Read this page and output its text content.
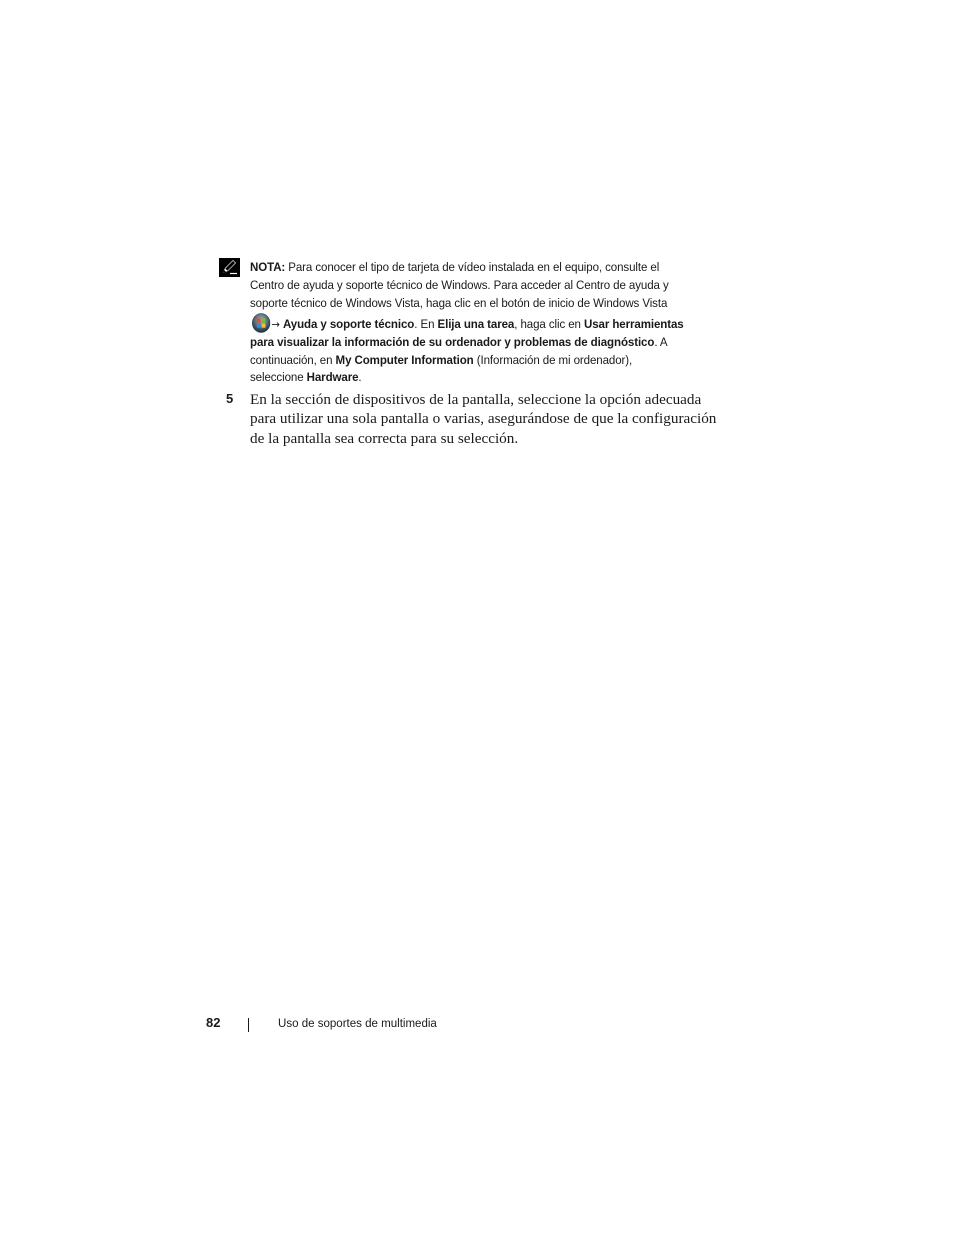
NOTA: Para conocer el tipo de tarjeta de vídeo instalada en el equipo, consulte el Centro de ayuda y soporte técnico de Windows. Para acceder al Centro de ayuda y soporte técnico de Windows Vista, haga clic en el botón de inicio de Windows Vista → Ayuda y soporte técnico. En Elija una tarea, haga clic en Usar herramientas para visualizar la información de su ordenador y problemas de diagnóstico. A continuación, en My Computer Information (Información de mi ordenador), seleccione Hardware.
5 En la sección de dispositivos de la pantalla, seleccione la opción adecuada para utilizar una sola pantalla o varias, asegurándose de que la configuración de la pantalla sea correcta para su selección.
82	Uso de soportes de multimedia
